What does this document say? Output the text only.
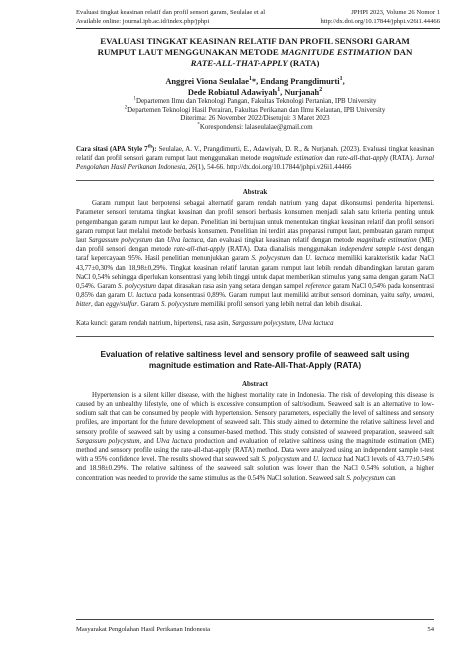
Evaluasi tingkat keasinan relatif dan profil sensori garam, Seulalae et al	JPHPI 2023, Volume 26 Nomor 1
Available online: journal.ipb.ac.id/index.php/jphpi	http://dx.doi.org/10.17844/jphpi.v26i1.44466
EVALUASI TINGKAT KEASINAN RELATIF DAN PROFIL SENSORI GARAM
RUMPUT LAUT MENGGUNAKAN METODE MAGNITUDE ESTIMATION DAN
RATE-ALL-THAT-APPLY (RATA)
Anggrei Viona Seulalae$^1$*, Endang Prangdimurti$^1$,
Dede Robiatul Adawiyah$^1$, Nurjanah$^2$
$^1$Departemen Ilmu dan Teknologi Pangan, Fakultas Teknologi Pertanian, IPB University
$^2$Departemen Teknologi Hasil Perairan, Fakultas Perikanan dan Ilmu Kelautan, IPB University
Diterima: 26 November 2022/Disetujui: 3 Maret 2023
*Korespondensi: lalaseulalae@gmail.com
Cara sitasi (APA Style 7th): Seulalae, A. V., Prangdimurti, E., Adawiyah, D. R., & Nurjanah. (2023). Evaluasi tingkat keasinan relatif dan profil sensori garam rumput laut menggunakan metode magnitude estimation dan rate-all-that-apply (RATA). Jurnal Pengolahan Hasil Perikanan Indonesia, 26(1), 54-66. http://dx.doi.org/10.17844/jphpi.v26i1.44466
Abstrak
Garam rumput laut berpotensi sebagai alternatif garam rendah natrium yang dapat dikonsumsi penderita hipertensi. Parameter sensori terutama tingkat keasinan dan profil sensori berbasis konsumen menjadi salah satu kriteria penting untuk pengembangan garam rumput laut ke depan. Penelitian ini bertujuan untuk menentukan tingkat keasinan relatif dan profil sensori garam rumput laut melalui metode berbasis konsumen. Penelitian ini terdiri atas preparasi rumput laut, pembuatan garam rumput laut Sargassum polycystum dan Ulva lactuca, dan evaluasi tingkat keasinan relatif dengan metode magnitude estimation (ME) dan profil sensori dengan metode rate-all-that-apply (RATA). Data dianalisis menggunakan independent sample t-test dengan taraf kepercayaan 95%. Hasil penelitian menunjukkan garam S. polycystum dan U. lactuca memiliki karakteristik kadar NaCl 43,77±0,30% dan 18,98±0,29%. Tingkat keasinan relatif larutan garam rumput laut lebih rendah dibandingkan larutan garam NaCl 0,54% sehingga diperlukan konsentrasi yang lebih tinggi untuk dapat memberikan stimulus yang sama dengan garam NaCl 0,54%. Garam S. polycystum dapat dirasakan rasa asin yang setara dengan sampel reference garam NaCl 0,54% pada konsentrasi 0,85% dan garam U. lactuca pada konsentrasi 0,89%. Garam rumput laut memiliki atribut sensori dominan, yaitu salty, umami, bitter, dan eggy/sulfur. Garam S. polycystum memiliki profil sensori yang lebih netral dan lebih disukai.
Kata kunci: garam rendah natrium, hipertensi, rasa asin, Sargassum polycystum, Ulva lactuca
Evaluation of relative saltiness level and sensory profile of seaweed salt using
magnitude estimation and Rate-All-That-Apply (RATA)
Abstract
Hypertension is a silent killer disease, with the highest mortality rate in Indonesia. The risk of developing this disease is caused by an unhealthy lifestyle, one of which is excessive consumption of salt/sodium. Seaweed salt is an alternative to low-sodium salt that can be consumed by people with hypertension. Sensory parameters, especially the level of saltiness and sensory profiles, are important for the future development of seaweed salt. This study aimed to determine the relative saltiness level and sensory profile of seaweed salt by using a consumer-based method. This study consisted of seaweed preparation, seaweed salt Sargassum polycystum, and Ulva lactuca production and evaluation of relative saltiness using the magnitude estimation (ME) method and sensory profile using the rate-all-that-apply (RATA) method. Data were analyzed using an independent sample t-test with a 95% confidence level. The results showed that seaweed salt S. polycystum and U. lactuca had NaCl levels of 43.77±0.54% and 18.98±0.29%. The relative saltiness of the seaweed salt solution was lower than the NaCl 0.54% solution, a higher concentration was needed to provide the same stimulus as the 0.54% NaCl solution. Seaweed salt S. polycystum can
Masyarakat Pengolahan Hasil Perikanan Indonesia	54
